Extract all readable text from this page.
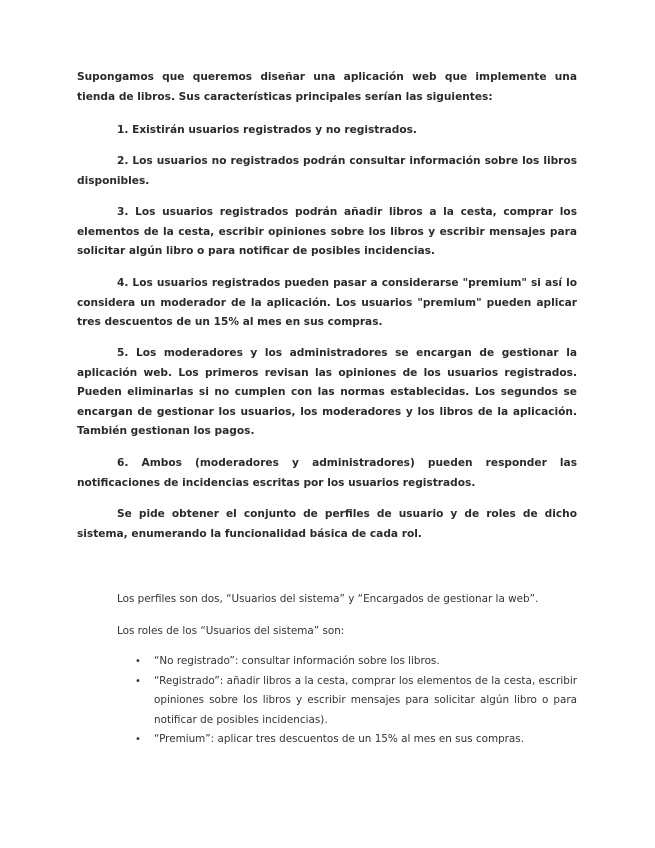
Supongamos que queremos diseñar una aplicación web que implemente una tienda de libros. Sus características principales serían las siguientes:

1. Existirán usuarios registrados y no registrados.

2. Los usuarios no registrados podrán consultar información sobre los libros disponibles.

3. Los usuarios registrados podrán añadir libros a la cesta, comprar los elementos de la cesta, escribir opiniones sobre los libros y escribir mensajes para solicitar algún libro o para notificar de posibles incidencias.

4. Los usuarios registrados pueden pasar a considerarse "premium" si así lo considera un moderador de la aplicación. Los usuarios "premium" pueden aplicar tres descuentos de un 15% al mes en sus compras.

5. Los moderadores y los administradores se encargan de gestionar la aplicación web. Los primeros revisan las opiniones de los usuarios registrados. Pueden eliminarlas si no cumplen con las normas establecidas. Los segundos se encargan de gestionar los usuarios, los moderadores y los libros de la aplicación. También gestionan los pagos.

6. Ambos (moderadores y administradores) pueden responder las notificaciones de incidencias escritas por los usuarios registrados.

Se pide obtener el conjunto de perfiles de usuario y de roles de dicho sistema, enumerando la funcionalidad básica de cada rol.

Los perfiles son dos, “Usuarios del sistema” y “Encargados de gestionar la web”.
Los roles de los “Usuarios del sistema” son:
• “No registrado”: consultar información sobre los libros.
• “Registrado”: añadir libros a la cesta, comprar los elementos de la cesta, escribir opiniones sobre los libros y escribir mensajes para solicitar algún libro o para notificar de posibles incidencias).
• “Premium”: aplicar tres descuentos de un 15% al mes en sus compras.
